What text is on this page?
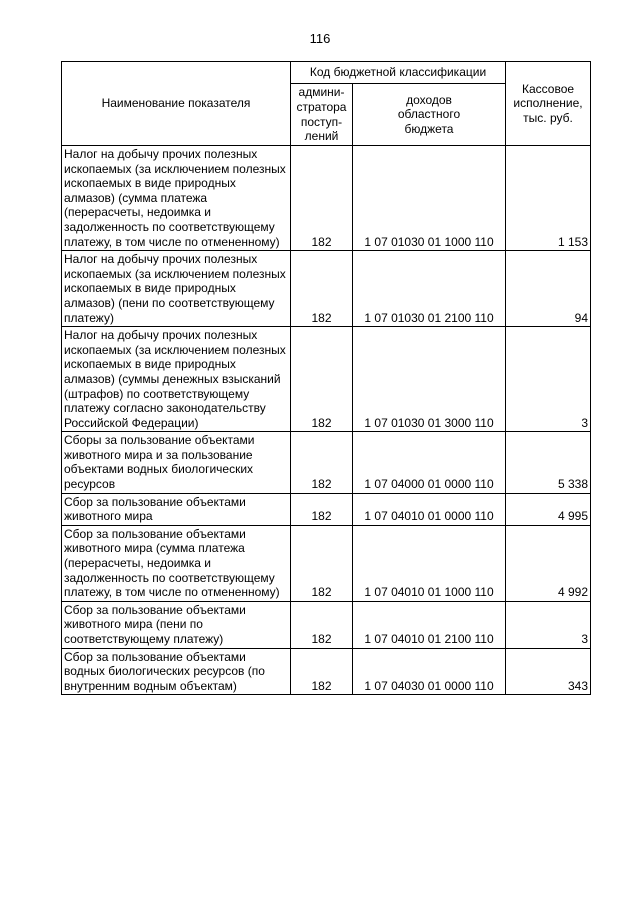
116
Наименование показателя	Код бюджетной классификации		Кассовое
исполнение,
тыс. руб.
	админи-
стратора
поступ-
лений	доходов
областного
бюджета	
Налог на добычу прочих полезных ископаемых (за исключением полезных ископаемых в виде природных алмазов) (сумма платежа (перерасчеты, недоимка и задолженность по соответствующему платежу, в том числе по отмененному)	182	1 07 01030 01 1000 110	1 153
Налог на добычу прочих полезных ископаемых (за исключением полезных ископаемых в виде природных алмазов) (пени по соответствующему платежу)	182	1 07 01030 01 2100 110	94
Налог на добычу прочих полезных ископаемых (за исключением полезных ископаемых в виде природных алмазов) (суммы денежных взысканий (штрафов) по соответствующему платежу согласно законодательству Российской Федерации)	182	1 07 01030 01 3000 110	3
Сборы за пользование объектами животного мира и за пользование объектами водных биологических ресурсов	182	1 07 04000 01 0000 110	5 338
Сбор за пользование объектами животного мира	182	1 07 04010 01 0000 110	4 995
Сбор за пользование объектами животного мира (сумма платежа (перерасчеты, недоимка и задолженность по соответствующему платежу, в том числе по отмененному)	182	1 07 04010 01 1000 110	4 992
Сбор за пользование объектами животного мира (пени по соответствующему платежу)	182	1 07 04010 01 2100 110	3
Сбор за пользование объектами водных биологических ресурсов (по внутренним водным объектам)	182	1 07 04030 01 0000 110	343
